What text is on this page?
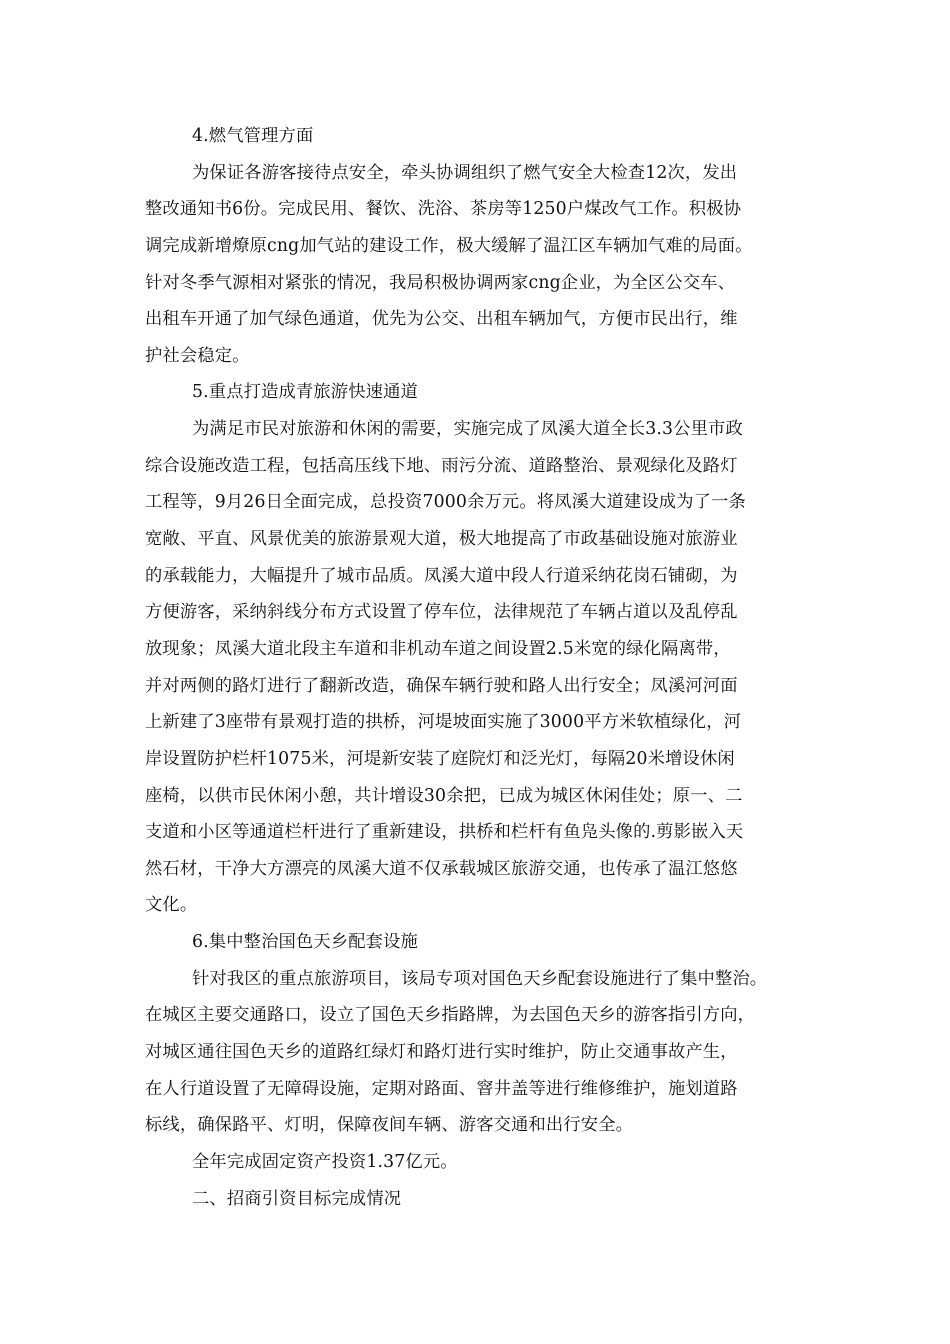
4.燃气管理方面
为保证各游客接待点安全，牵头协调组织了燃气安全大检查12次，发出
整改通知书6份。完成民用、餐饮、洗浴、茶房等1250户煤改气工作。积极协
调完成新增燎原cng加气站的建设工作，极大缓解了温江区车辆加气难的局面。
针对冬季气源相对紧张的情况，我局积极协调两家cng企业，为全区公交车、
出租车开通了加气绿色通道，优先为公交、出租车辆加气，方便市民出行，维
护社会稳定。
5.重点打造成青旅游快速通道
为满足市民对旅游和休闲的需要，实施完成了凤溪大道全长3.3公里市政
综合设施改造工程，包括高压线下地、雨污分流、道路整治、景观绿化及路灯
工程等，9月26日全面完成，总投资7000余万元。将凤溪大道建设成为了一条
宽敞、平直、风景优美的旅游景观大道，极大地提高了市政基础设施对旅游业
的承载能力，大幅提升了城市品质。凤溪大道中段人行道采纳花岗石铺砌，为
方便游客，采纳斜线分布方式设置了停车位，法律规范了车辆占道以及乱停乱
放现象；凤溪大道北段主车道和非机动车道之间设置2.5米宽的绿化隔离带，
并对两侧的路灯进行了翻新改造，确保车辆行驶和路人出行安全；凤溪河河面
上新建了3座带有景观打造的拱桥，河堤坡面实施了3000平方米软植绿化，河
岸设置防护栏杆1075米，河堤新安装了庭院灯和泛光灯，每隔20米增设休闲
座椅，以供市民休闲小憩，共计增设30余把，已成为城区休闲佳处；原一、二
支道和小区等通道栏杆进行了重新建设，拱桥和栏杆有鱼凫头像的.剪影嵌入天
然石材，干净大方漂亮的凤溪大道不仅承载城区旅游交通，也传承了温江悠悠
文化。
6.集中整治国色天乡配套设施
针对我区的重点旅游项目，该局专项对国色天乡配套设施进行了集中整治。
在城区主要交通路口，设立了国色天乡指路牌，为去国色天乡的游客指引方向，
对城区通往国色天乡的道路红绿灯和路灯进行实时维护，防止交通事故产生，
在人行道设置了无障碍设施，定期对路面、窨井盖等进行维修维护，施划道路
标线，确保路平、灯明，保障夜间车辆、游客交通和出行安全。
全年完成固定资产投资1.37亿元。
二、招商引资目标完成情况
